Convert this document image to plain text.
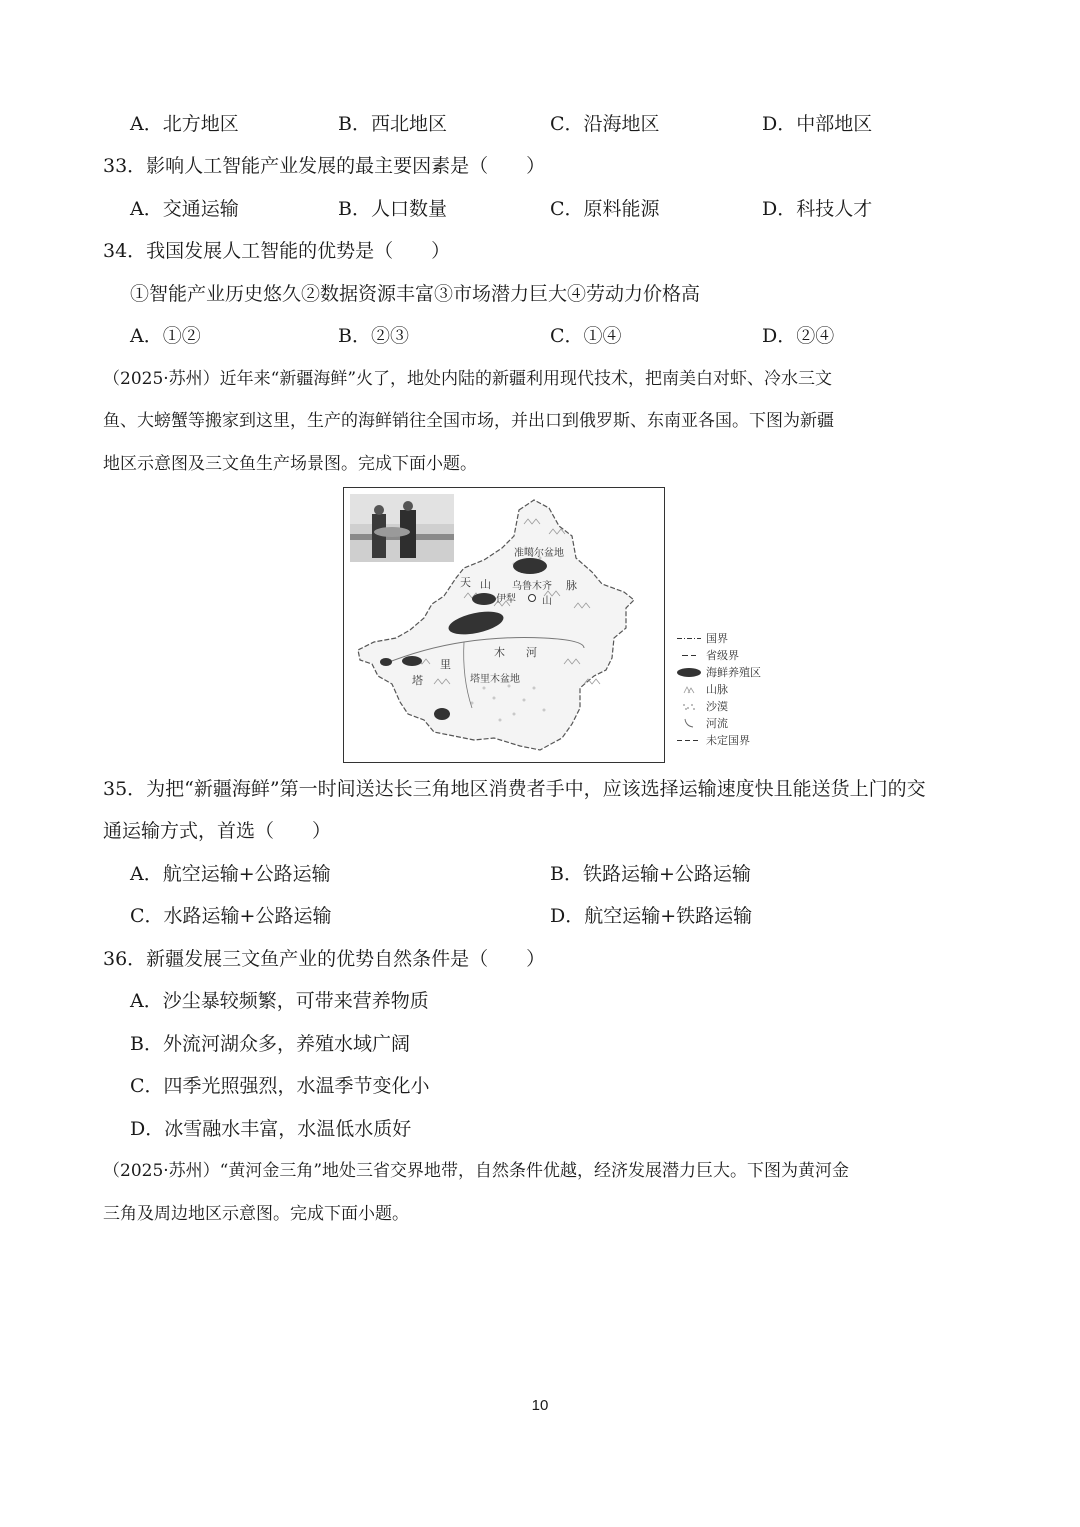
A．北方地区	B．西北地区	C．沿海地区	D．中部地区
33．影响人工智能产业发展的最主要因素是（　　）
A．交通运输	B．人口数量	C．原料能源	D．科技人才
34．我国发展人工智能的优势是（　　）
①智能产业历史悠久②数据资源丰富③市场潜力巨大④劳动力价格高
A．①②	B．②③	C．①④	D．②④
（2025·苏州）近年来“新疆海鲜”火了，地处内陆的新疆利用现代技术，把南美白对虾、冷水三文
鱼、大螃蟹等搬家到这里，生产的海鲜销往全国市场，并出口到俄罗斯、东南亚各国。下图为新疆
地区示意图及三文鱼生产场景图。完成下面小题。
准噶尔盆地
天 山 乌鲁木齐 脉
山
伊犁
木 河
塔
里
塔里木盆地
国界
省级界
海鲜养殖区
山脉
沙漠
河流
未定国界
35．为把“新疆海鲜”第一时间送达长三角地区消费者手中，应该选择运输速度快且能送货上门的交
通运输方式，首选（　　）
A．航空运输+公路运输	B．铁路运输+公路运输
C．水路运输+公路运输	D．航空运输+铁路运输
36．新疆发展三文鱼产业的优势自然条件是（　　）
A．沙尘暴较频繁，可带来营养物质
B．外流河湖众多，养殖水域广阔
C．四季光照强烈，水温季节变化小
D．冰雪融水丰富，水温低水质好
（2025·苏州）“黄河金三角”地处三省交界地带，自然条件优越，经济发展潜力巨大。下图为黄河金
三角及周边地区示意图。完成下面小题。
10
